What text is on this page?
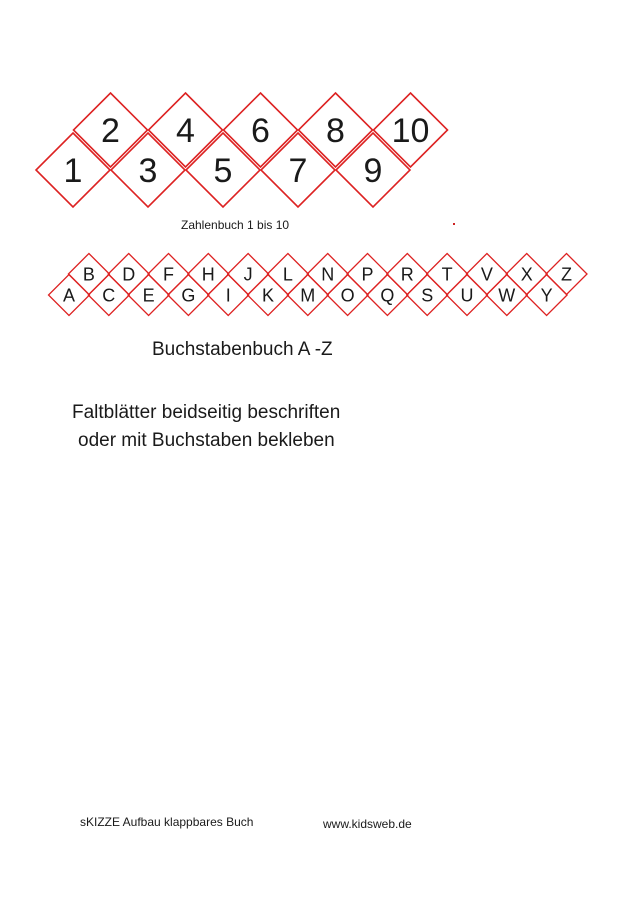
1
2
3
4
5
6
7
8
9
10
A
B
C
D
E
F
G
H
I
J
K
L
M
N
O
P
Q
R
S
T
U
V
W
X
Y
Z
Zahlenbuch 1 bis 10
Buchstabenbuch A -Z
Faltblätter beidseitig beschriften
oder mit Buchstaben bekleben
sKIZZE Aufbau klappbares Buch	www.kidsweb.de
